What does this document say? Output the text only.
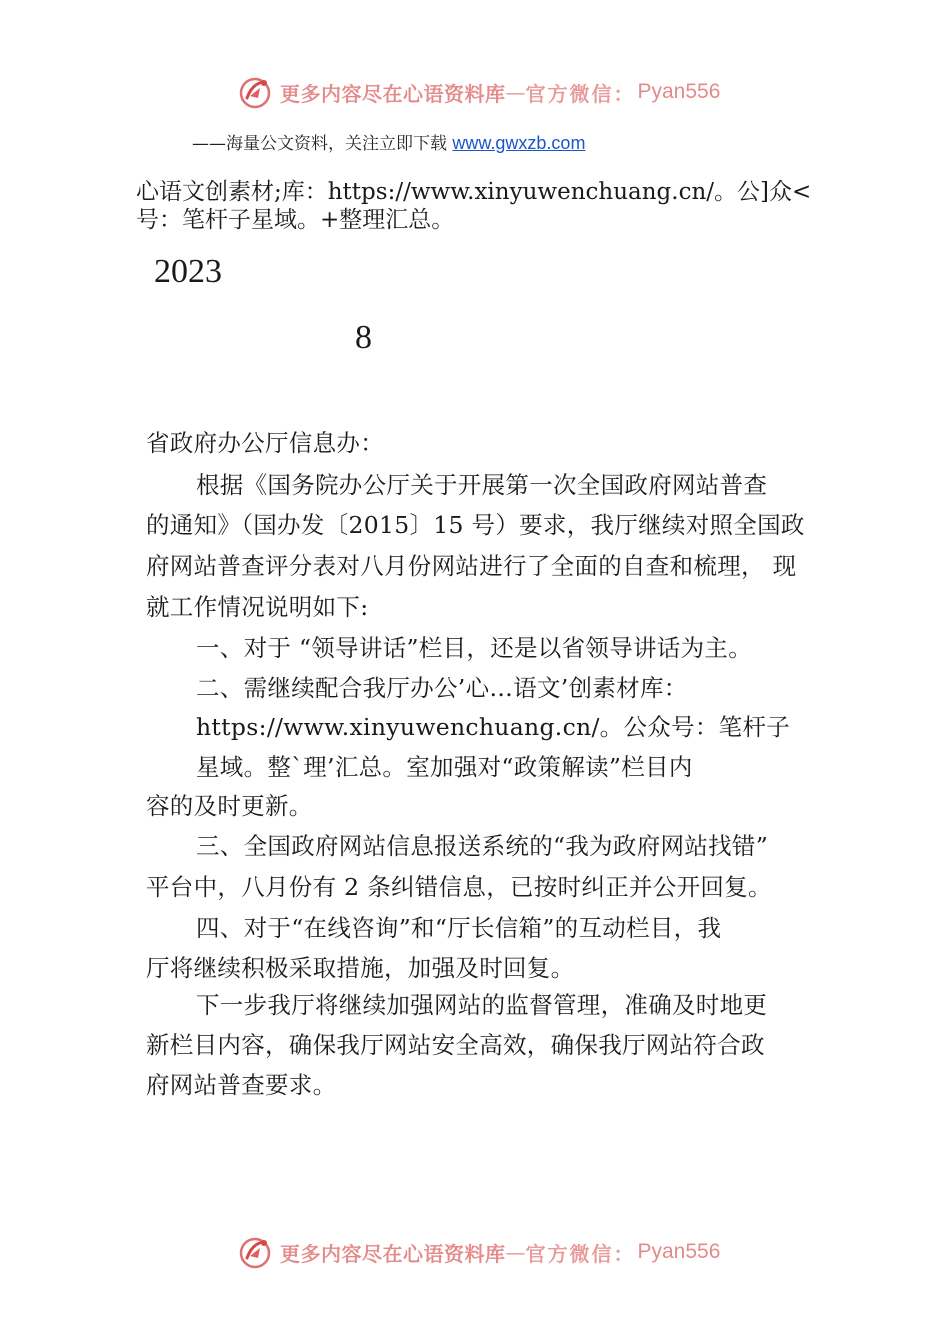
更多内容尽在心语资料库 — 官方微信： Pyan556
——海量公文资料，关注立即下载 www.gwxzb.com
心语文创素材;库：https://www.xinyuwenchuang.cn/。公]众<
号：笔杆子星域。+整理汇总。
2023
8
省政府办公厅信息办：
根据《国务院办公厅关于开展第一次全国政府网站普查
的通知》（国办发〔2015〕15 号）要求，我厅继续对照全国政
府网站普查评分表对八月份网站进行了全面的自查和梳理， 现
就工作情况说明如下:
一、对于 “领导讲话”栏目，还是以省领导讲话为主。
二、需继续配合我厅办公’心…语文’创素材库：
https://www.xinyuwenchuang.cn/。公众号：笔杆子
星域。整`理’汇总。室加强对“政策解读”栏目内
容的及时更新。
三、全国政府网站信息报送系统的“我为政府网站找错”
平台中，八月份有 2 条纠错信息，已按时纠正并公开回复。
四、对于“在线咨询”和“厅长信箱”的互动栏目，我
厅将继续积极采取措施，加强及时回复。
下一步我厅将继续加强网站的监督管理，准确及时地更
新栏目内容，确保我厅网站安全高效，确保我厅网站符合政
府网站普查要求。
更多内容尽在心语资料库 — 官方微信： Pyan556
